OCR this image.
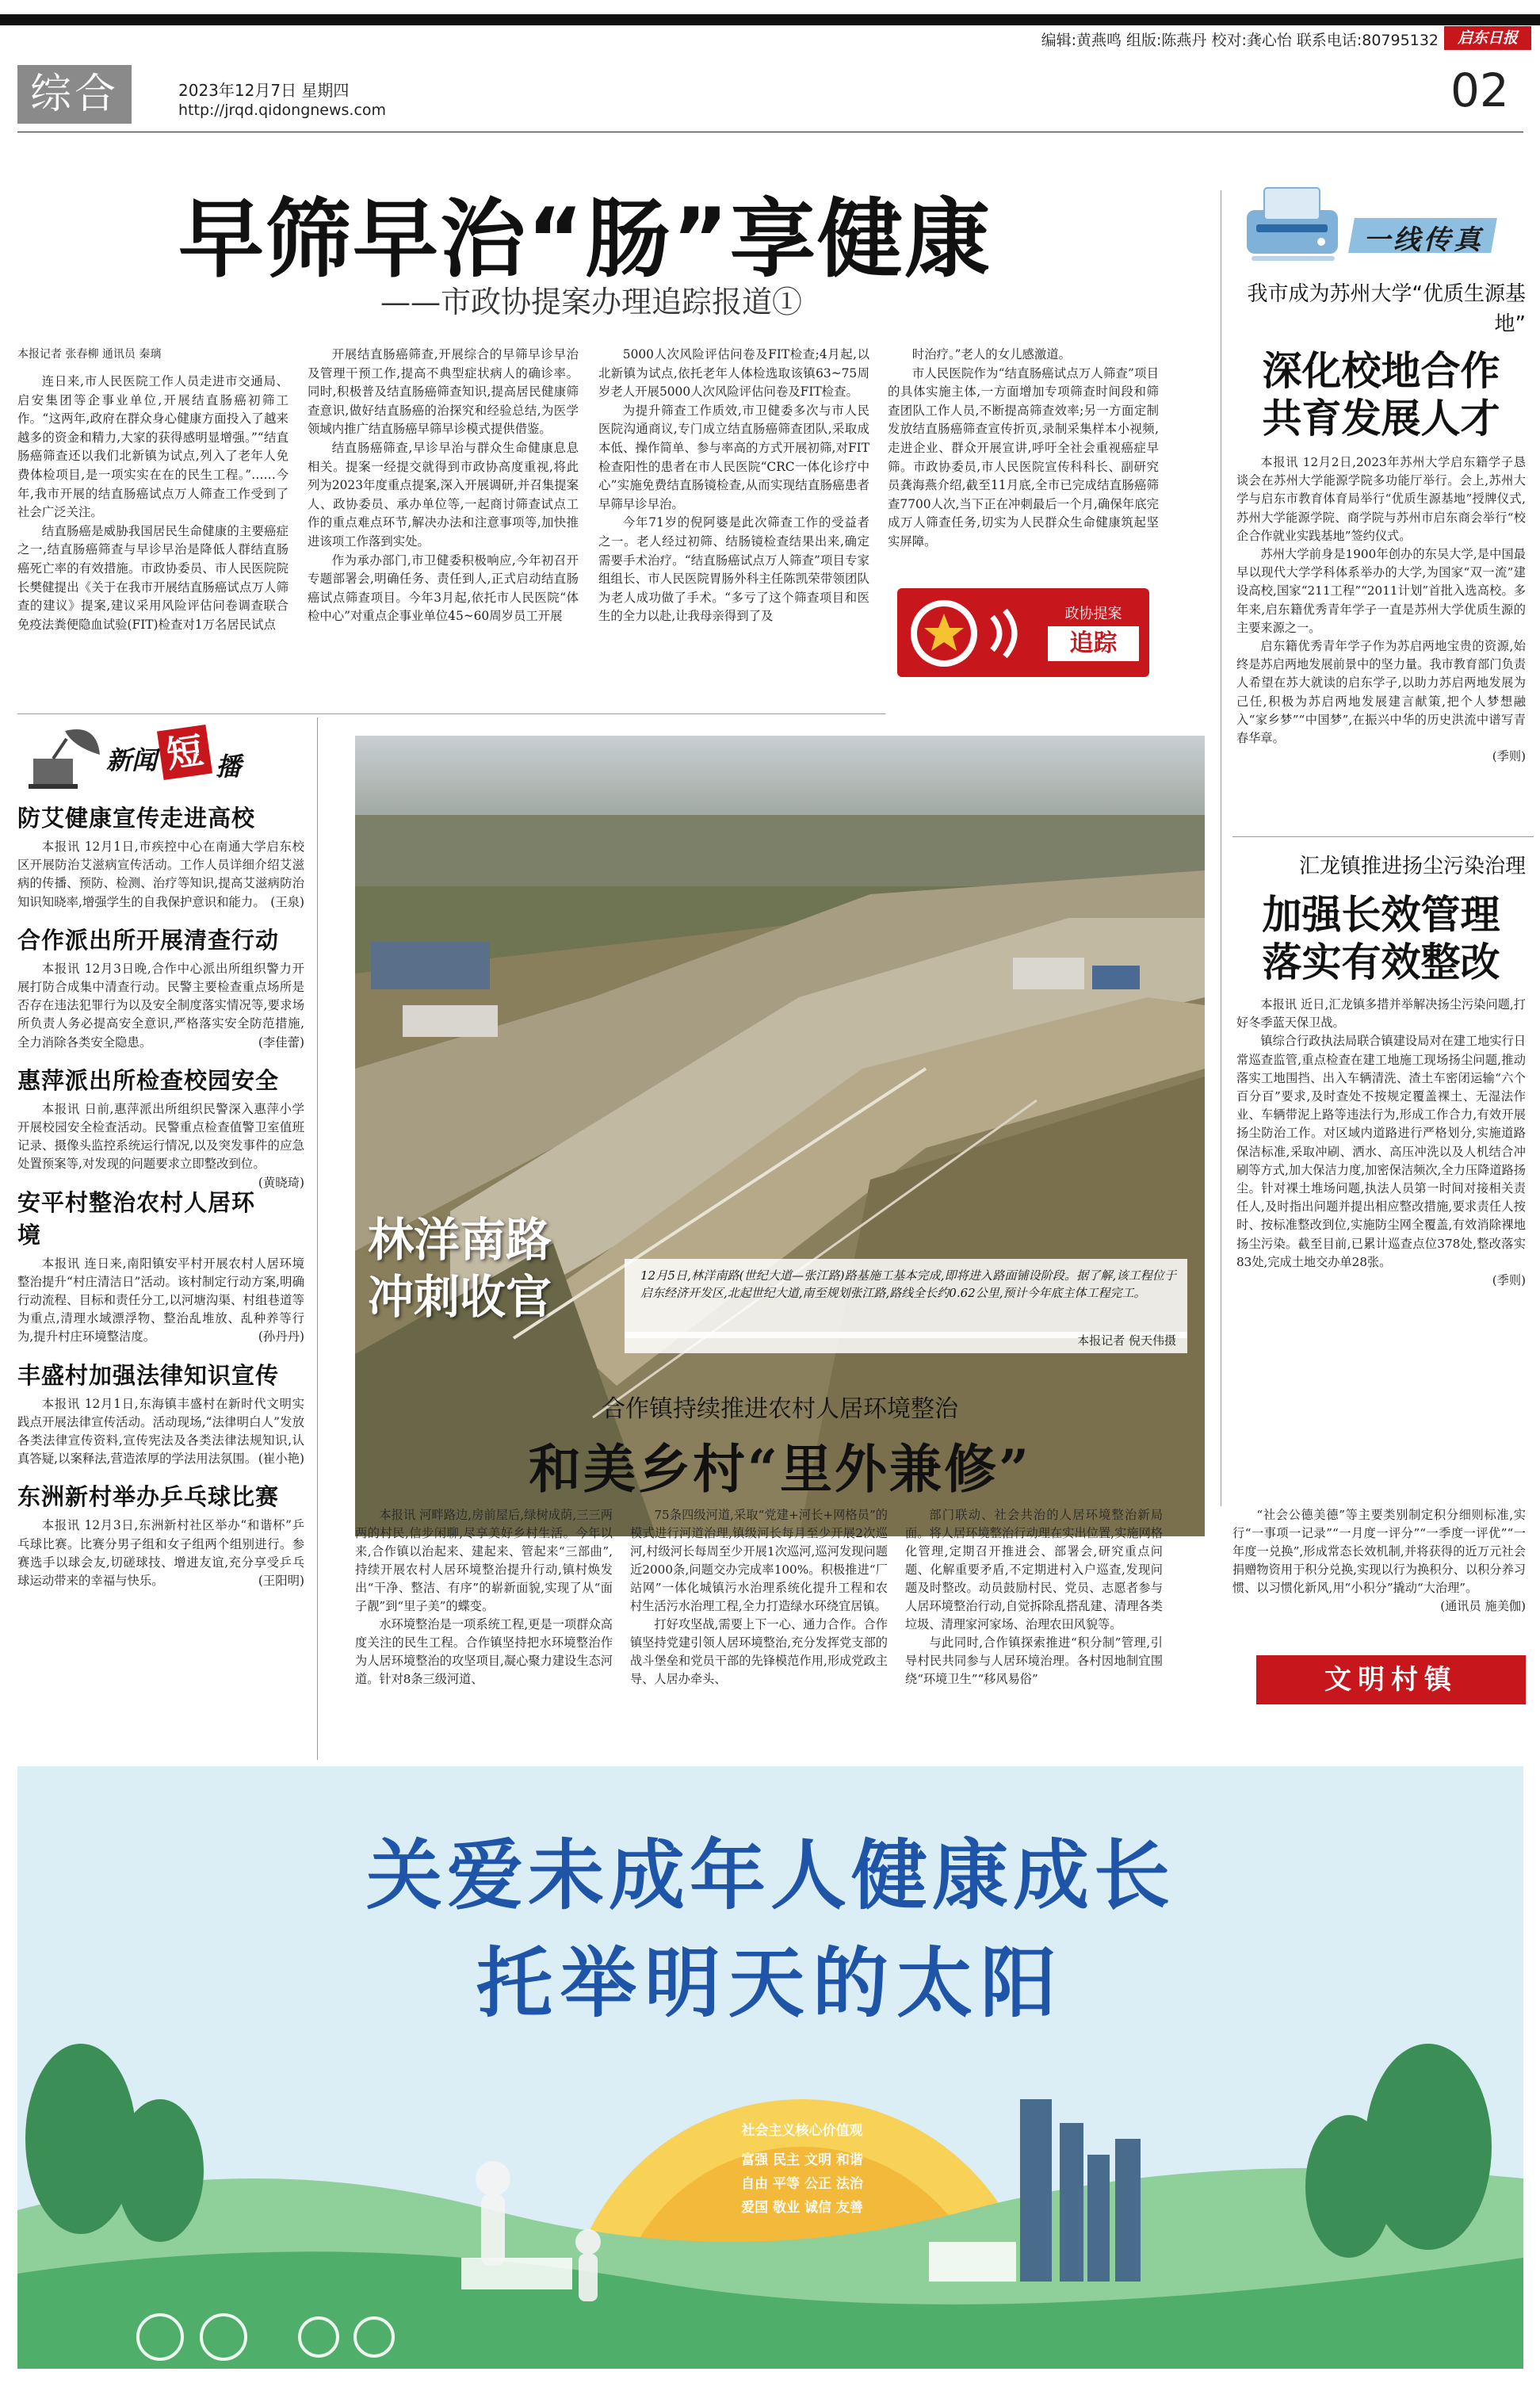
编辑:黄燕鸣 组版:陈燕丹 校对:龚心怡 联系电话:80795132	启东日报
综合	2023年12月7日 星期四
http://jrqd.qidongnews.com	02
早筛早治“肠”享健康
——市政协提案办理追踪报道①
本报记者 张春柳 通讯员 秦璃

连日来,市人民医院工作人员走进市交通局、启安集团等企事业单位,开展结直肠癌初筛工作。“这两年,政府在群众身心健康方面投入了越来越多的资金和精力,大家的获得感明显增强。”“结直肠癌筛查还以我们北新镇为试点,列入了老年人免费体检项目,是一项实实在在的民生工程。”……今年,我市开展的结直肠癌试点万人筛查工作受到了社会广泛关注。

结直肠癌是威胁我国居民生命健康的主要癌症之一,结直肠癌筛查与早诊早治是降低人群结直肠癌死亡率的有效措施。市政协委员、市人民医院院长樊健提出《关于在我市开展结直肠癌试点万人筛查的建议》提案,建议采用风险评估问卷调查联合免疫法粪便隐血试验(FIT)检查对1万名居民试点

开展结直肠癌筛查,开展综合的早筛早诊早治及管理干预工作,提高不典型症状病人的确诊率。同时,积极普及结直肠癌筛查知识,提高居民健康筛查意识,做好结直肠癌的治探究和经验总结,为医学领域内推广结直肠癌早筛早诊模式提供借鉴。

结直肠癌筛查,早诊早治与群众生命健康息息相关。提案一经提交就得到市政协高度重视,将此列为2023年度重点提案,深入开展调研,并召集提案人、政协委员、承办单位等,一起商讨筛查试点工作的重点难点环节,解决办法和注意事项等,加快推进该项工作落到实处。

作为承办部门,市卫健委积极响应,今年初召开专题部署会,明确任务、责任到人,正式启动结直肠癌试点筛查项目。今年3月起,依托市人民医院“体检中心”对重点企事业单位45~60周岁员工开展

5000人次风险评估问卷及FIT检查;4月起,以北新镇为试点,依托老年人体检选取该镇63~75周岁老人开展5000人次风险评估问卷及FIT检查。

为提升筛查工作质效,市卫健委多次与市人民医院沟通商议,专门成立结直肠癌筛查团队,采取成本低、操作简单、参与率高的方式开展初筛,对FIT检查阳性的患者在市人民医院“CRC一体化诊疗中心”实施免费结直肠镜检查,从而实现结直肠癌患者早筛早诊早治。

今年71岁的倪阿婆是此次筛查工作的受益者之一。老人经过初筛、结肠镜检查结果出来,确定需要手术治疗。“结直肠癌试点万人筛查”项目专家组组长、市人民医院胃肠外科主任陈凯荣带领团队为老人成功做了手术。“多亏了这个筛查项目和医生的全力以赴,让我母亲得到了及

时治疗。”老人的女儿感激道。

市人民医院作为“结直肠癌试点万人筛查”项目的具体实施主体,一方面增加专项筛查时间段和筛查团队工作人员,不断提高筛查效率;另一方面定制发放结直肠癌筛查宣传折页,录制采集样本小视频,走进企业、群众开展宣讲,呼吁全社会重视癌症早筛。市政协委员,市人民医院宣传科科长、副研究员龚海燕介绍,截至11月底,全市已完成结直肠癌筛查7700人次,当下正在冲刺最后一个月,确保年底完成万人筛查任务,切实为人民群众生命健康筑起坚实屏障。

政协提案
追踪
一线传真
我市成为苏州大学“优质生源基地”
深化校地合作
共育发展人才

本报讯 12月2日,2023年苏州大学启东籍学子恳谈会在苏州大学能源学院多功能厅举行。会上,苏州大学与启东市教育体育局举行“优质生源基地”授牌仪式,苏州大学能源学院、商学院与苏州市启东商会举行“校企合作就业实践基地”签约仪式。

苏州大学前身是1900年创办的东吴大学,是中国最早以现代大学学科体系举办的大学,为国家“双一流”建设高校,国家“211工程”“2011计划”首批入选高校。多年来,启东籍优秀青年学子一直是苏州大学优质生源的主要来源之一。

启东籍优秀青年学子作为苏启两地宝贵的资源,始终是苏启两地发展前景中的坚力量。我市教育部门负责人希望在苏大就读的启东学子,以助力苏启两地发展为己任,积极为苏启两地发展建言献策,把个人梦想融入“家乡梦”“中国梦”,在振兴中华的历史洪流中谱写青春华章。

(季则)

汇龙镇推进扬尘污染治理
加强长效管理
落实有效整改

本报讯 近日,汇龙镇多措并举解决扬尘污染问题,打好冬季蓝天保卫战。

镇综合行政执法局联合镇建设局对在建工地实行日常巡查监管,重点检查在建工地施工现场扬尘问题,推动落实工地围挡、出入车辆清洗、渣土车密闭运输“六个百分百”要求,及时查处不按规定覆盖裸土、无湿法作业、车辆带泥上路等违法行为,形成工作合力,有效开展扬尘防治工作。对区域内道路进行严格划分,实施道路保洁标准,采取冲刷、洒水、高压冲洗以及人机结合冲刷等方式,加大保洁力度,加密保洁频次,全力压降道路扬尘。针对裸土堆场问题,执法人员第一时间对接相关责任人,及时指出问题并提出相应整改措施,要求责任人按时、按标准整改到位,实施防尘网全覆盖,有效消除裸地扬尘污染。截至目前,已累计巡查点位378处,整改落实83处,完成土地交办单28张。

(季则)

新闻 短 播
防艾健康宣传走进高校
本报讯 12月1日,市疾控中心在南通大学启东校区开展防治艾滋病宣传活动。工作人员详细介绍艾滋病的传播、预防、检测、治疗等知识,提高艾滋病防治知识知晓率,增强学生的自我保护意识和能力。 (王泉)
合作派出所开展清查行动
本报讯 12月3日晚,合作中心派出所组织警力开展打防合成集中清查行动。民警主要检查重点场所是否存在违法犯罪行为以及安全制度落实情况等,要求场所负责人务必提高安全意识,严格落实安全防范措施,全力消除各类安全隐患。	(李佳蕾)
惠萍派出所检查校园安全
本报讯 日前,惠萍派出所组织民警深入惠萍小学开展校园安全检查活动。民警重点检查值警卫室值班记录、摄像头监控系统运行情况,以及突发事件的应急处置预案等,对发现的问题要求立即整改到位。
(黄晓琦)
安平村整治农村人居环境
本报讯 连日来,南阳镇安平村开展农村人居环境整治提升“村庄清洁日”活动。该村制定行动方案,明确行动流程、目标和责任分工,以河塘沟渠、村组巷道等为重点,清理水域漂浮物、整治乱堆放、乱种养等行为,提升村庄环境整洁度。	(孙丹丹)
丰盛村加强法律知识宣传
本报讯 12月1日,东海镇丰盛村在新时代文明实践点开展法律宣传活动。活动现场,“法律明白人”发放各类法律宣传资料,宣传宪法及各类法律法规知识,认真答疑,以案释法,营造浓厚的学法用法氛围。 (崔小艳)
东洲新村举办乒乓球比赛
本报讯 12月3日,东洲新村社区举办“和谐杯”乒乓球比赛。比赛分男子组和女子组两个组别进行。参赛选手以球会友,切磋球技、增进友谊,充分享受乒乓球运动带来的幸福与快乐。	(王阳明)
林洋南路
冲刺收官	12月5日,林洋南路(世纪大道—张江路)路基施工基本完成,即将进入路面铺设阶段。据了解,该工程位于启东经济开发区,北起世纪大道,南至规划张江路,路线全长约0.62公里,预计今年底主体工程完工。
本报记者 倪天伟摄
合作镇持续推进农村人居环境整治
和美乡村“里外兼修”

本报讯 河畔路边,房前屋后,绿树成荫,三三两两的村民,信步闲聊,尽享美好乡村生活。今年以来,合作镇以治起来、建起来、管起来“三部曲”,持续开展农村人居环境整治提升行动,镇村焕发出“干净、整洁、有序”的崭新面貌,实现了从“面子靓”到“里子美”的蝶变。

水环境整治是一项系统工程,更是一项群众高度关注的民生工程。合作镇坚持把水环境整治作为人居环境整治的攻坚项目,凝心聚力建设生态河道。针对8条三级河道、

75条四级河道,采取“党建+河长+网格员”的模式进行河道治理,镇级河长每月至少开展2次巡河,村级河长每周至少开展1次巡河,巡河发现问题近2000条,问题交办完成率100%。积极推进“厂站网”一体化城镇污水治理系统化提升工程和农村生活污水治理工程,全力打造绿水环绕宜居镇。

打好攻坚战,需要上下一心、通力合作。合作镇坚持党建引领人居环境整治,充分发挥党支部的战斗堡垒和党员干部的先锋模范作用,形成党政主导、人居办牵头、

部门联动、社会共治的人居环境整治新局面。将人居环境整治行动理在实出位置,实施网格化管理,定期召开推进会、部署会,研究重点问题、化解重要矛盾,不定期进村入户巡查,发现问题及时整改。动员鼓励村民、党员、志愿者参与人居环境整治行动,自觉拆除乱搭乱建、清理各类垃圾、清理家河家场、治理农田风貌等。

与此同时,合作镇探索推进“积分制”管理,引导村民共同参与人居环境治理。各村因地制宜围绕“环境卫生”“移风易俗”

“社会公德美德”等主要类别制定积分细则标准,实行“一事项一记录”“一月度一评分”“一季度一评优”“一年度一兑换”,形成常态长效机制,并将获得的近万元社会捐赠物资用于积分兑换,实现以行为换积分、以积分养习惯、以习惯化新风,用“小积分”撬动“大治理”。

(通讯员 施美伽)

文明村镇
关爱未成年人健康成长
托举明天的太阳
社会主义核心价值观
富强 民主 文明 和谐
自由 平等 公正 法治
爱国 敬业 诚信 友善
